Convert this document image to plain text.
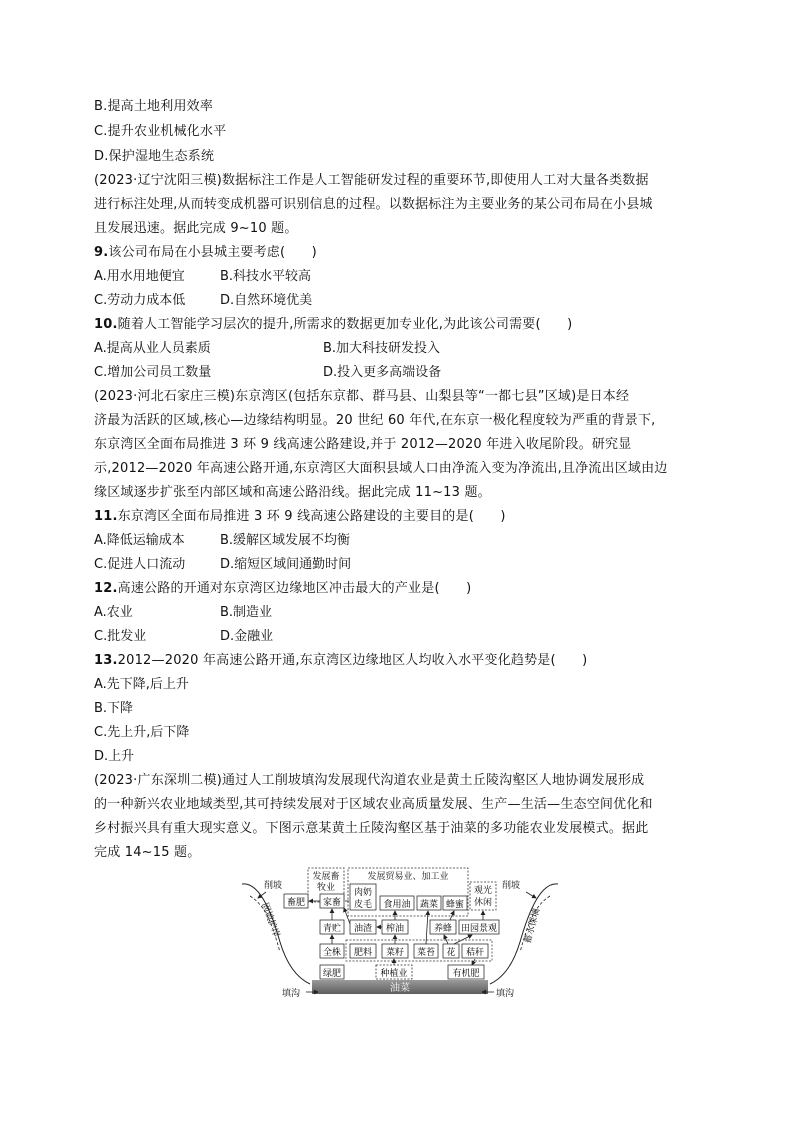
B.提高土地利用效率
C.提升农业机械化水平
D.保护湿地生态系统
(2023·辽宁沈阳三模)数据标注工作是人工智能研发过程的重要环节,即使用人工对大量各类数据
进行标注处理,从而转变成机器可识别信息的过程。以数据标注为主要业务的某公司布局在小县城
且发展迅速。据此完成 9~10 题。
9.该公司布局在小县城主要考虑(　　)
A.用水用地便宜	B.科技水平较高
C.劳动力成本低	D.自然环境优美
10.随着人工智能学习层次的提升,所需求的数据更加专业化,为此该公司需要(　　)
A.提高从业人员素质	B.加大科技研发投入
C.增加公司员工数量	D.投入更多高端设备
(2023·河北石家庄三模)东京湾区(包括东京都、群马县、山梨县等“一都七县”区域)是日本经
济最为活跃的区域,核心—边缘结构明显。20 世纪 60 年代,在东京一极化程度较为严重的背景下,
东京湾区全面布局推进 3 环 9 线高速公路建设,并于 2012—2020 年进入收尾阶段。研究显
示,2012—2020 年高速公路开通,东京湾区大面积县域人口由净流入变为净流出,且净流出区域由边
缘区域逐步扩张至内部区域和高速公路沿线。据此完成 11~13 题。
11.东京湾区全面布局推进 3 环 9 线高速公路建设的主要目的是(　　)
A.降低运输成本	B.缓解区域发展不均衡
C.促进人口流动	D.缩短区域间通勤时间
12.高速公路的开通对东京湾区边缘地区冲击最大的产业是(　　)
A.农业	B.制造业
C.批发业	D.金融业
13.2012—2020 年高速公路开通,东京湾区边缘地区人均收入水平变化趋势是(　　)
A.先下降,后上升
B.下降
C.先上升,后下降
D.上升
(2023·广东深圳二模)通过人工削坡填沟发展现代沟道农业是黄土丘陵沟壑区人地协调发展形成
的一种新兴农业地域类型,其可持续发展对于区域农业高质量发展、生产—生活—生态空间优化和
乡村振兴具有重大现实意义。下图示意某黄土丘陵沟壑区基于油菜的多功能农业发展模式。据此
完成 14~15 题。
油菜
填沟	填沟
削坡	削坡
固坡护岸	蓄水保墒
发展畜
牧业
发展贸易业、加工业
观光
休闲
畜肥 家畜
肉奶
皮毛 食用油 蔬菜 蜂蜜
青贮 油渣 榨油	养蜂 田园景观
全株 肥料 菜籽 菜苔 花 秸秆
绿肥	种植业	有机肥
